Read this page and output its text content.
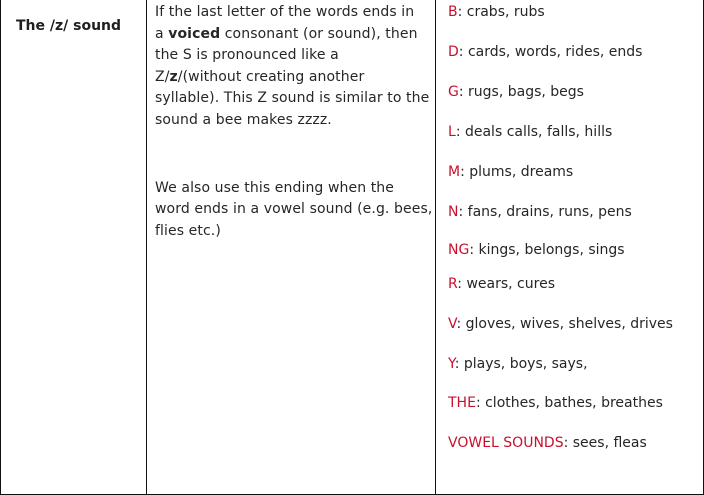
The /z/ sound

If the last letter of the words ends in
a voiced consonant (or sound), then
the S is pronounced like a
Z/z/(without creating another
syllable). This Z sound is similar to the
sound a bee makes zzzz.
We also use this ending when the
word ends in a vowel sound (e.g. bees,
flies etc.)

B: crabs, rubs
D: cards, words, rides, ends
G: rugs, bags, begs
L: deals calls, falls, hills
M: plums, dreams
N: fans, drains, runs, pens
NG: kings, belongs, sings
R: wears, cures
V: gloves, wives, shelves, drives
Y: plays, boys, says,
THE: clothes, bathes, breathes
VOWEL SOUNDS: sees, fleas
